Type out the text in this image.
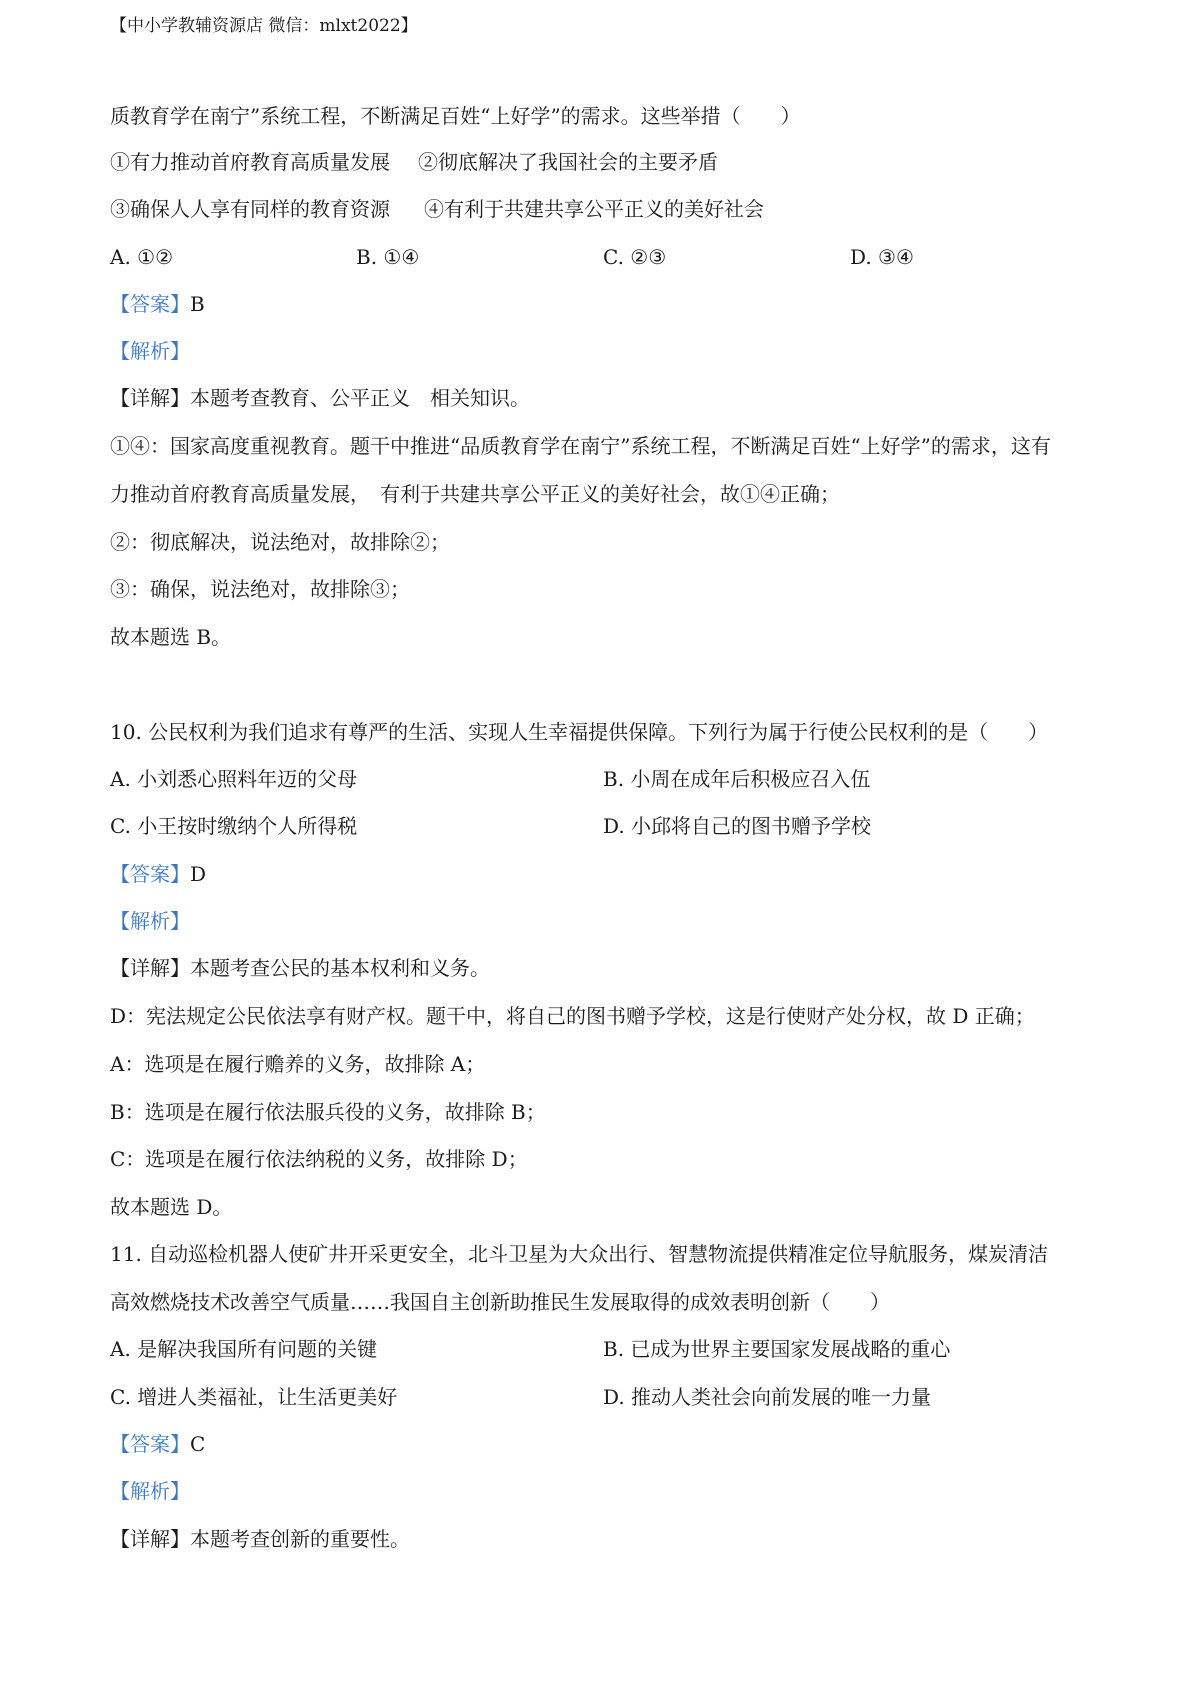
【中小学教辅资源店 微信：mlxt2022】
质教育学在南宁”系统工程，不断满足百姓“上好学”的需求。这些举措（　　）
①有力推动首府教育高质量发展 ②彻底解决了我国社会的主要矛盾
③确保人人享有同样的教育资源 ④有利于共建共享公平正义的美好社会
A. ①②	B. ①④	C. ②③	D. ③④
【答案】B
【解析】
【详解】本题考查教育、公平正义　相关知识。
①④：国家高度重视教育。题干中推进“品质教育学在南宁”系统工程，不断满足百姓“上好学”的需求，这有
力推动首府教育高质量发展，　有利于共建共享公平正义的美好社会，故①④正确；
②：彻底解决，说法绝对，故排除②；
③：确保，说法绝对，故排除③；
故本题选 B。
10. 公民权利为我们追求有尊严的生活、实现人生幸福提供保障。下列行为属于行使公民权利的是（　　）
A. 小刘悉心照料年迈的父母	B. 小周在成年后积极应召入伍
C. 小王按时缴纳个人所得税	D. 小邱将自己的图书赠予学校
【答案】D
【解析】
【详解】本题考查公民的基本权利和义务。
D：宪法规定公民依法享有财产权。题干中，将自己的图书赠予学校，这是行使财产处分权，故 D 正确；
A：选项是在履行赡养的义务，故排除 A；
B：选项是在履行依法服兵役的义务，故排除 B；
C：选项是在履行依法纳税的义务，故排除 D；
故本题选 D。
11. 自动巡检机器人使矿井开采更安全，北斗卫星为大众出行、智慧物流提供精准定位导航服务，煤炭清洁
高效燃烧技术改善空气质量……我国自主创新助推民生发展取得的成效表明创新（　　）
A. 是解决我国所有问题的关键	B. 已成为世界主要国家发展战略的重心
C. 增进人类福祉，让生活更美好	D. 推动人类社会向前发展的唯一力量
【答案】C
【解析】
【详解】本题考查创新的重要性。
